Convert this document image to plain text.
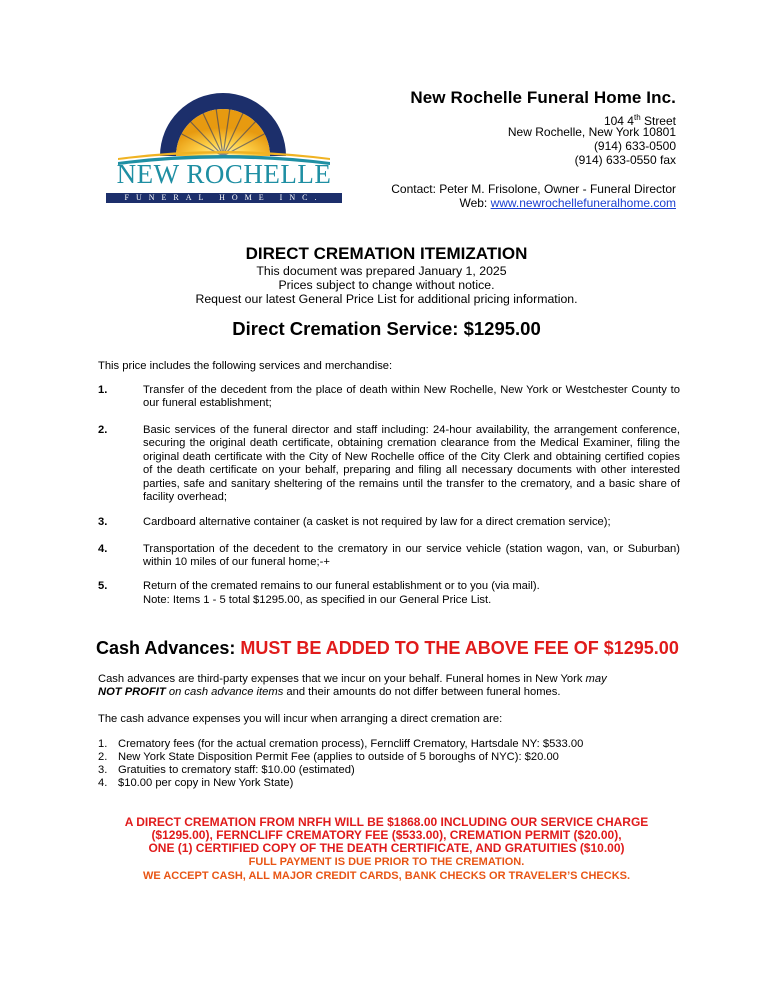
NEW ROCHELLE
FUNERAL HOME INC.
New Rochelle Funeral Home Inc.
104 4th Street
New Rochelle, New York 10801
(914) 633-0500
(914) 633-0550 fax
Contact: Peter M. Frisolone, Owner - Funeral Director
Web: www.newrochellefuneralhome.com
DIRECT CREMATION ITEMIZATION
This document was prepared January 1, 2025
Prices subject to change without notice.
Request our latest General Price List for additional pricing information.
Direct Cremation Service: $1295.00
This price includes the following services and merchandise:
1.	Transfer of the decedent from the place of death within New Rochelle, New York or Westchester County to our funeral establishment;
2.	Basic services of the funeral director and staff including: 24-hour availability, the arrangement conference, securing the original death certificate, obtaining cremation clearance from the Medical Examiner, filing the original death certificate with the City of New Rochelle office of the City Clerk and obtaining certified copies of the death certificate on your behalf, preparing and filing all necessary documents with other interested parties, safe and sanitary sheltering of the remains until the transfer to the crematory, and a basic share of facility overhead;
3.	Cardboard alternative container (a casket is not required by law for a direct cremation service);
4.	Transportation of the decedent to the crematory in our service vehicle (station wagon, van, or Suburban) within 10 miles of our funeral home;-+
5.	Return of the cremated remains to our funeral establishment or to you (via mail).
Note: Items 1 - 5 total $1295.00, as specified in our General Price List.
Cash Advances: MUST BE ADDED TO THE ABOVE FEE OF $1295.00
Cash advances are third-party expenses that we incur on your behalf. Funeral homes in New York may
NOT PROFIT on cash advance items and their amounts do not differ between funeral homes.
The cash advance expenses you will incur when arranging a direct cremation are:
1. Crematory fees (for the actual cremation process), Ferncliff Crematory, Hartsdale NY: $533.00
2. New York State Disposition Permit Fee (applies to outside of 5 boroughs of NYC): $20.00
3. Gratuities to crematory staff: $10.00 (estimated)
4. $10.00 per copy in New York State)
A DIRECT CREMATION FROM NRFH WILL BE $1868.00 INCLUDING OUR SERVICE CHARGE
($1295.00), FERNCLIFF CREMATORY FEE ($533.00), CREMATION PERMIT ($20.00),
ONE (1) CERTIFIED COPY OF THE DEATH CERTIFICATE, AND GRATUITIES ($10.00)
FULL PAYMENT IS DUE PRIOR TO THE CREMATION.
WE ACCEPT CASH, ALL MAJOR CREDIT CARDS, BANK CHECKS OR TRAVELER’S CHECKS.
